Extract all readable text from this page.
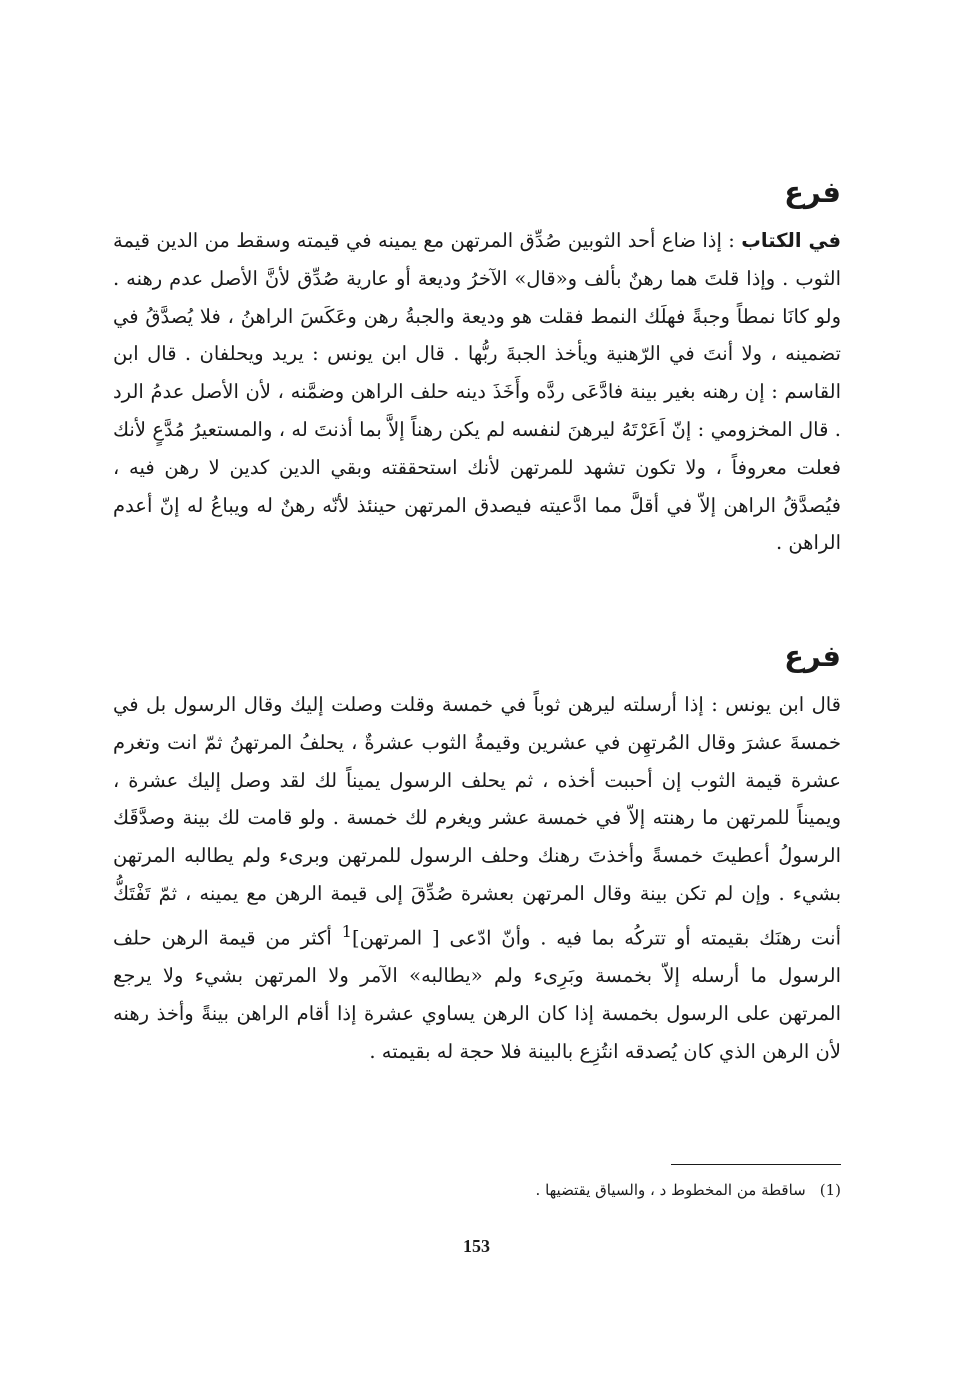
فرع

في الكتاب : إذا ضاع أحد الثوبين صُدِّق المرتهن مع يمينه في قيمته وسقط من الدين قيمة الثوب . وإذا قلتَ هما رهنٌ بألف و«قال» الآخرُ وديعة أو عارية صُدِّق لأنَّ الأصل عدم رهنه . ولو كانَا نمطاً وجبةً فهلَك النمط فقلت هو وديعة والجبةُ رهن وعَكَسَ الراهنُ ، فلا يُصدَّقُ في تضمينه ، ولا أنتَ في الرّهنية ويأخذ الجبةَ ربُّها . قال ابن يونس : يريد ويحلفان . قال ابن القاسم : إن رهنه بغير بينة فادَّعَى ردَّه وأَخَذَ دينه حلف الراهن وضمَّنه ، لأن الأصل عدمُ الرد . قال المخزومي : إنّ اَعَرْتَهُ ليرهنَ لنفسه لم يكن رهناً إلاَّ بما أذنتَ له ، والمستعيرُ مُدَّعٍ لأنك فعلت معروفاً ، ولا تكون تشهد للمرتهن لأنك استحققته وبقي الدين كدين لا رهن فيه ، فيُصدَّقُ الراهن إلاّ في أقلَّ مما ادَّعيته فيصدق المرتهن حينئذ لأنّه رهنٌ له ويباعُ له إنّ أعدم الراهن .

فرع

قال ابن يونس : إذا أرسلته ليرهن ثوباً في خمسة وقلت وصلت إليك وقال الرسول بل في خمسةَ عشرَ وقال المُرتهِن في عشرين وقيمةُ الثوب عشرةٌ ، يحلفُ المرتهنُ ثمّ انت وتغرم عشرة قيمة الثوب إن أحببت أخذه ، ثم يحلف الرسول يميناً لك لقد وصل إليك عشرة ، ويميناً للمرتهن ما رهنته إلاّ في خمسة عشر ويغرم لك خمسة . ولو قامت لك بينة وصدَّقَك الرسولُ أعطيتَ خمسةً وأخذتَ رهنك وحلف الرسول للمرتهن وبرىء ولم يطالبه المرتهن بشيء . وإن لم تكن بينة وقال المرتهن بعشرة صُدِّقَ إلى قيمة الرهن مع يمينه ، ثمّ تَفْتَكُّ أنت رهنَك بقيمته أو تتركُه بما فيه . وأنّ ادّعى [ المرتهن]$^1$ أكثر من قيمة الرهن حلف الرسول ما أرسله إلاّ بخمسة وبَرِىء ولم «يطالبه» الآمر ولا المرتهن بشيء ولا يرجع المرتهن على الرسول بخمسة إذا كان الرهن يساوي عشرة إذا أقام الراهن بينةً وأخذ رهنه لأن الرهن الذي كان يُصدقه انتُزِع بالبينة فلا حجة له بقيمته .

(1)ساقطة من المخطوط د ، والسياق يقتضيها .
153
